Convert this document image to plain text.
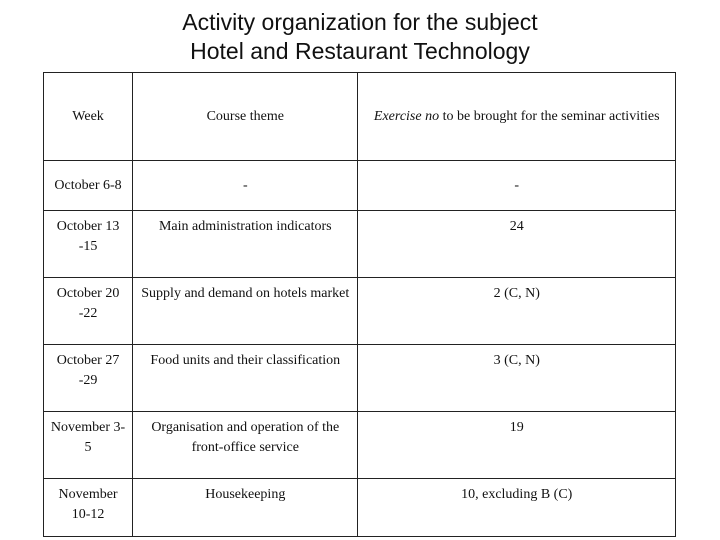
Activity organization for the subject
Hotel and Restaurant Technology
Week	Course theme	Exercise no to be brought for the seminar activities
October 6-8	-	-
October 13 -15	Main administration indicators	24
October 20 -22	Supply and demand on hotels market	2 (C, N)
October 27 -29	Food units and their classification	3 (C, N)
November 3-5	Organisation and operation of the front-office service	19
November 10-12	Housekeeping	10, excluding B (C)
